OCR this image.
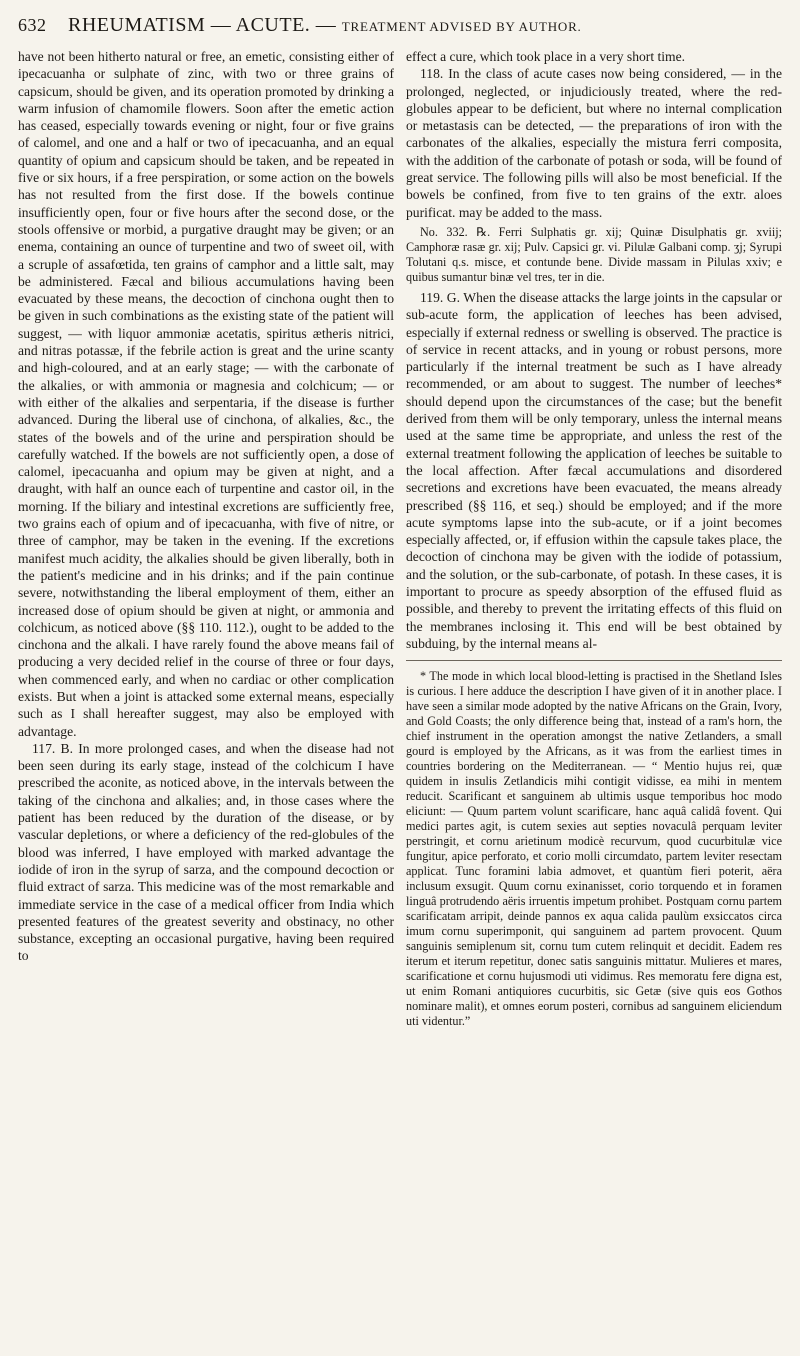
632	RHEUMATISM — ACUTE. — TREATMENT ADVISED BY AUTHOR.

have not been hitherto natural or free, an emetic, consisting either of ipecacuanha or sulphate of zinc, with two or three grains of capsicum, should be given, and its operation promoted by drinking a warm infusion of chamomile flowers. Soon after the emetic action has ceased, especially towards evening or night, four or five grains of calomel, and one and a half or two of ipecacuanha, and an equal quantity of opium and capsicum should be taken, and be repeated in five or six hours, if a free perspiration, or some action on the bowels has not resulted from the first dose. If the bowels continue insufficiently open, four or five hours after the second dose, or the stools offensive or morbid, a purgative draught may be given; or an enema, containing an ounce of turpentine and two of sweet oil, with a scruple of assafœtida, ten grains of camphor and a little salt, may be administered. Fæcal and bilious accumulations having been evacuated by these means, the decoction of cinchona ought then to be given in such combinations as the existing state of the patient will suggest, — with liquor ammoniæ acetatis, spiritus ætheris nitrici, and nitras potassæ, if the febrile action is great and the urine scanty and high-coloured, and at an early stage; — with the carbonate of the alkalies, or with ammonia or magnesia and colchicum; — or with either of the alkalies and serpentaria, if the disease is further advanced. During the liberal use of cinchona, of alkalies, &c., the states of the bowels and of the urine and perspiration should be carefully watched. If the bowels are not sufficiently open, a dose of calomel, ipecacuanha and opium may be given at night, and a draught, with half an ounce each of turpentine and castor oil, in the morning. If the biliary and intestinal excretions are sufficiently free, two grains each of opium and of ipecacuanha, with five of nitre, or three of camphor, may be taken in the evening. If the excretions manifest much acidity, the alkalies should be given liberally, both in the patient's medicine and in his drinks; and if the pain continue severe, notwithstanding the liberal employment of them, either an increased dose of opium should be given at night, or ammonia and colchicum, as noticed above (§§ 110. 112.), ought to be added to the cinchona and the alkali. I have rarely found the above means fail of producing a very decided relief in the course of three or four days, when commenced early, and when no cardiac or other complication exists. But when a joint is attacked some external means, especially such as I shall hereafter suggest, may also be employed with advantage.

117. B. In more prolonged cases, and when the disease had not been seen during its early stage, instead of the colchicum I have prescribed the aconite, as noticed above, in the intervals between the taking of the cinchona and alkalies; and, in those cases where the patient has been reduced by the duration of the disease, or by vascular depletions, or where a deficiency of the red-globules of the blood was inferred, I have employed with marked advantage the iodide of iron in the syrup of sarza, and the compound decoction or fluid extract of sarza. This medicine was of the most remarkable and immediate service in the case of a medical officer from India which presented features of the greatest severity and obstinacy, no other substance, excepting an occasional purgative, having been required to

effect a cure, which took place in a very short time.

118. In the class of acute cases now being considered, — in the prolonged, neglected, or injudiciously treated, where the red-globules appear to be deficient, but where no internal complication or metastasis can be detected, — the preparations of iron with the carbonates of the alkalies, especially the mistura ferri composita, with the addition of the carbonate of potash or soda, will be found of great service. The following pills will also be most beneficial. If the bowels be confined, from five to ten grains of the extr. aloes purificat. may be added to the mass.

No. 332. ℞. Ferri Sulphatis gr. xij; Quinæ Disulphatis gr. xviij; Camphoræ rasæ gr. xij; Pulv. Capsici gr. vi. Pilulæ Galbani comp. ʒj; Syrupi Tolutani q.s. misce, et contunde bene. Divide massam in Pilulas xxiv; e quibus sumantur binæ vel tres, ter in die.

119. G. When the disease attacks the large joints in the capsular or sub-acute form, the application of leeches has been advised, especially if external redness or swelling is observed. The practice is of service in recent attacks, and in young or robust persons, more particularly if the internal treatment be such as I have already recommended, or am about to suggest. The number of leeches* should depend upon the circumstances of the case; but the benefit derived from them will be only temporary, unless the internal means used at the same time be appropriate, and unless the rest of the external treatment following the application of leeches be suitable to the local affection. After fæcal accumulations and disordered secretions and excretions have been evacuated, the means already prescribed (§§ 116, et seq.) should be employed; and if the more acute symptoms lapse into the sub-acute, or if a joint becomes especially affected, or, if effusion within the capsule takes place, the decoction of cinchona may be given with the iodide of potassium, and the solution, or the sub-carbonate, of potash. In these cases, it is important to procure as speedy absorption of the effused fluid as possible, and thereby to prevent the irritating effects of this fluid on the membranes inclosing it. This end will be best obtained by subduing, by the internal means al-

* The mode in which local blood-letting is practised in the Shetland Isles is curious. I here adduce the description I have given of it in another place. I have seen a similar mode adopted by the native Africans on the Grain, Ivory, and Gold Coasts; the only difference being that, instead of a ram's horn, the chief instrument in the operation amongst the native Zetlanders, a small gourd is employed by the Africans, as it was from the earliest times in countries bordering on the Mediterranean. — “ Mentio hujus rei, quæ quidem in insulis Zetlandicis mihi contigit vidisse, ea mihi in mentem reducit. Scarificant et sanguinem ab ultimis usque temporibus hoc modo eliciunt: — Quum partem volunt scarificare, hanc aquâ calidâ fovent. Qui medici partes agit, is cutem sexies aut septies novaculâ perquam leviter perstringit, et cornu arietinum modicè recurvum, quod cucurbitulæ vice fungitur, apice perforato, et corio molli circumdato, partem leviter resectam applicat. Tunc foramini labia admovet, et quantùm fieri poterit, aëra inclusum exsugit. Quum cornu exinanisset, corio torquendo et in foramen linguâ protrudendo aëris irruentis impetum prohibet. Postquam cornu partem scarificatam arripit, deinde pannos ex aqua calida paulùm exsiccatos circa imum cornu superimponit, qui sanguinem ad partem provocent. Quum sanguinis semiplenum sit, cornu tum cutem relinquit et decidit. Eadem res iterum et iterum repetitur, donec satis sanguinis mittatur. Mulieres et mares, scarificatione et cornu hujusmodi uti vidimus. Res memoratu fere digna est, ut enim Romani antiquiores cucurbitis, sic Getæ (sive quis eos Gothos nominare malit), et omnes eorum posteri, cornibus ad sanguinem eliciendum uti videntur.”
